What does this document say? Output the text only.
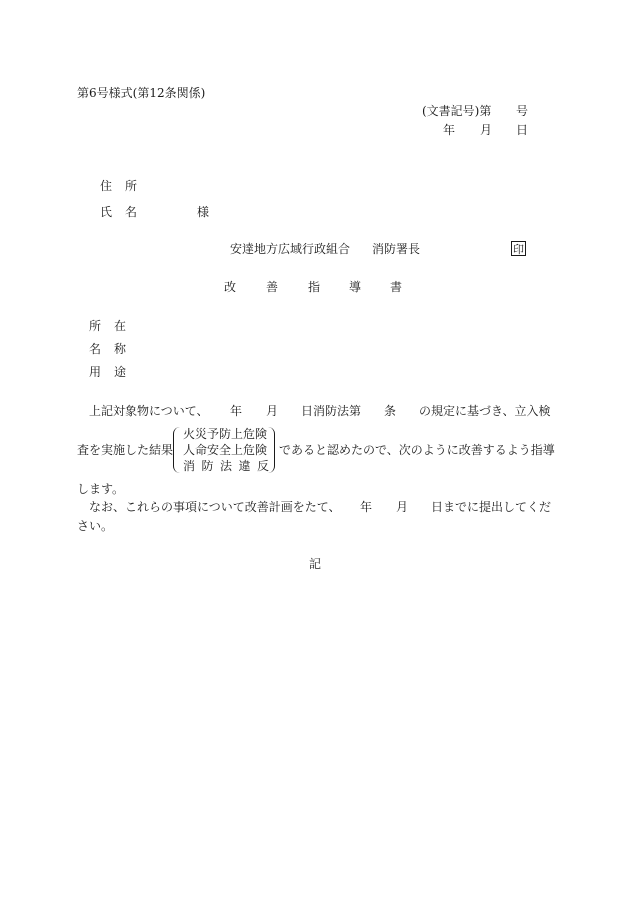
第6号様式(第12条関係)
(文書記号)第 号
年 月 日
住 所
氏 名	様
安達地方広域行政組合 消防署長	印
改 善 指 導 書
所 在
名 称
用 途
上記対象物について、 年 月 日消防法第 条 の規定に基づき、立入検
査を実施した結果
火災予防上危険
人命安全上危険
消 防 法 違 反
であると認めたので、次のように改善するよう指導
します。
なお、これらの事項について改善計画をたて、 年 月 日までに提出してくだ
さい。
記
